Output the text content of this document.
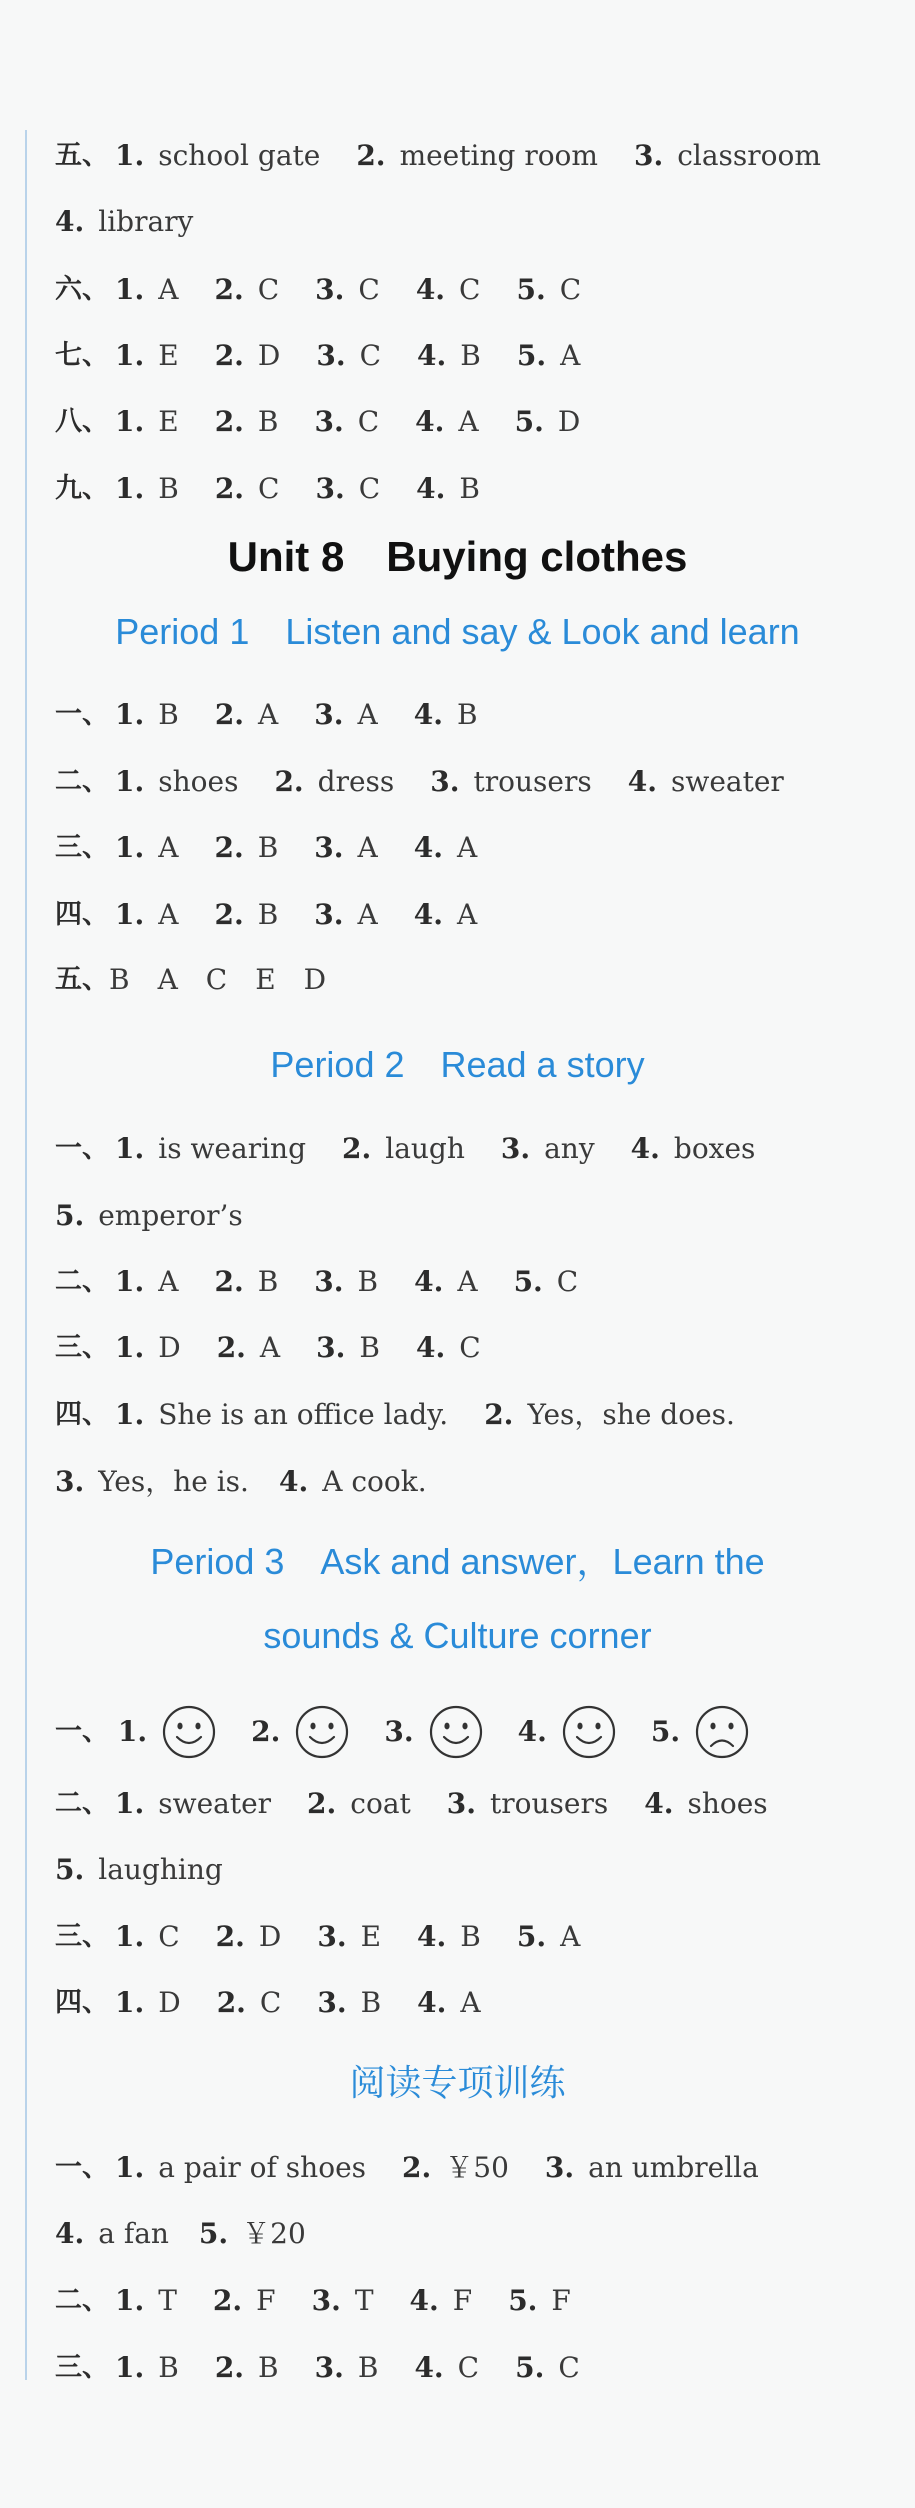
五、 1. school gate 2. meeting room 3. classroom
4. library
六、 1. A 2. C 3. C 4. C 5. C
七、 1. E 2. D 3. C 4. B 5. A
八、 1. E 2. B 3. C 4. A 5. D
九、 1. B 2. C 3. C 4. B
Unit 8　Buying clothes
Period 1　Listen and say & Look and learn
一、 1. B 2. A 3. A 4. B
二、 1. shoes 2. dress 3. trousers 4. sweater
三、 1. A 2. B 3. A 4. A
四、 1. A 2. B 3. A 4. A
五、B　A　C　E　D
Period 2　Read a story
一、 1. is wearing 2. laugh 3. any 4. boxes
5. emperor’s
二、 1. A 2. B 3. B 4. A 5. C
三、 1. D 2. A 3. B 4. C
四、 1. She is an office lady. 2. Yes，she does.
3. Yes，he is. 4. A cook.
Period 3　Ask and answer，Learn the
sounds & Culture corner
一、 1.	2.	3.	4.	5.
二、 1. sweater 2. coat 3. trousers 4. shoes
5. laughing
三、 1. C 2. D 3. E 4. B 5. A
四、 1. D 2. C 3. B 4. A
阅读专项训练
一、 1. a pair of shoes 2. ￥50 3. an umbrella
4. a fan 5. ￥20
二、 1. T 2. F 3. T 4. F 5. F
三、 1. B 2. B 3. B 4. C 5. C
